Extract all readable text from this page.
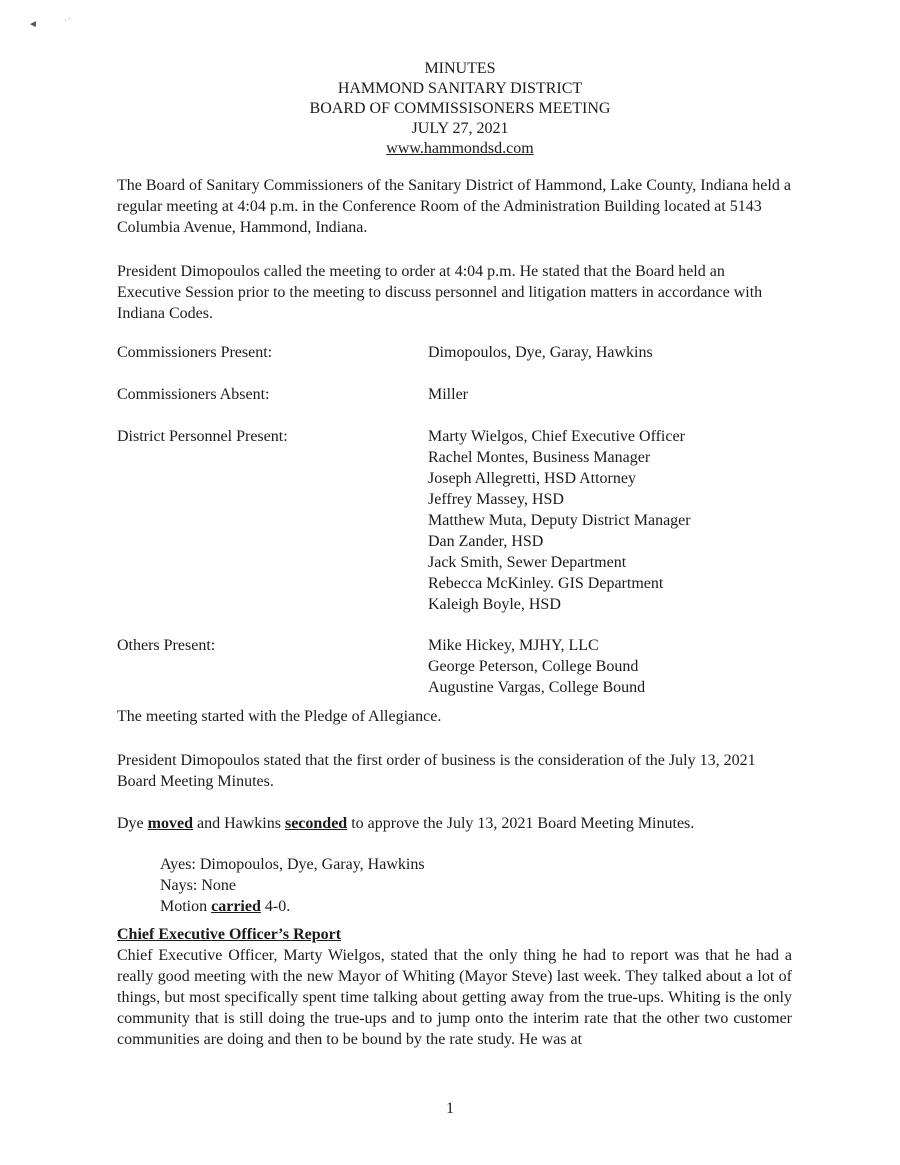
◄	· '
MINUTES
HAMMOND SANITARY DISTRICT
BOARD OF COMMISSISONERS MEETING
JULY 27, 2021
www.hammondsd.com
The Board of Sanitary Commissioners of the Sanitary District of Hammond, Lake County, Indiana held a regular meeting at 4:04 p.m. in the Conference Room of the Administration Building located at 5143 Columbia Avenue, Hammond, Indiana.
President Dimopoulos called the meeting to order at 4:04 p.m. He stated that the Board held an Executive Session prior to the meeting to discuss personnel and litigation matters in accordance with Indiana Codes.
Commissioners Present:	Dimopoulos, Dye, Garay, Hawkins
Commissioners Absent:	Miller
District Personnel Present:	Marty Wielgos, Chief Executive Officer
Rachel Montes, Business Manager
Joseph Allegretti, HSD Attorney
Jeffrey Massey, HSD
Matthew Muta, Deputy District Manager
Dan Zander, HSD
Jack Smith, Sewer Department
Rebecca McKinley. GIS Department
Kaleigh Boyle, HSD
Others Present:	Mike Hickey, MJHY, LLC
George Peterson, College Bound
Augustine Vargas, College Bound
The meeting started with the Pledge of Allegiance.
President Dimopoulos stated that the first order of business is the consideration of the July 13, 2021 Board Meeting Minutes.
Dye moved and Hawkins seconded to approve the July 13, 2021 Board Meeting Minutes.
Ayes: Dimopoulos, Dye, Garay, Hawkins
Nays: None
Motion carried 4-0.
Chief Executive Officer’s Report
Chief Executive Officer, Marty Wielgos, stated that the only thing he had to report was that he had a really good meeting with the new Mayor of Whiting (Mayor Steve) last week. They talked about a lot of things, but most specifically spent time talking about getting away from the true-ups. Whiting is the only community that is still doing the true-ups and to jump onto the interim rate that the other two customer communities are doing and then to be bound by the rate study. He was at
1
